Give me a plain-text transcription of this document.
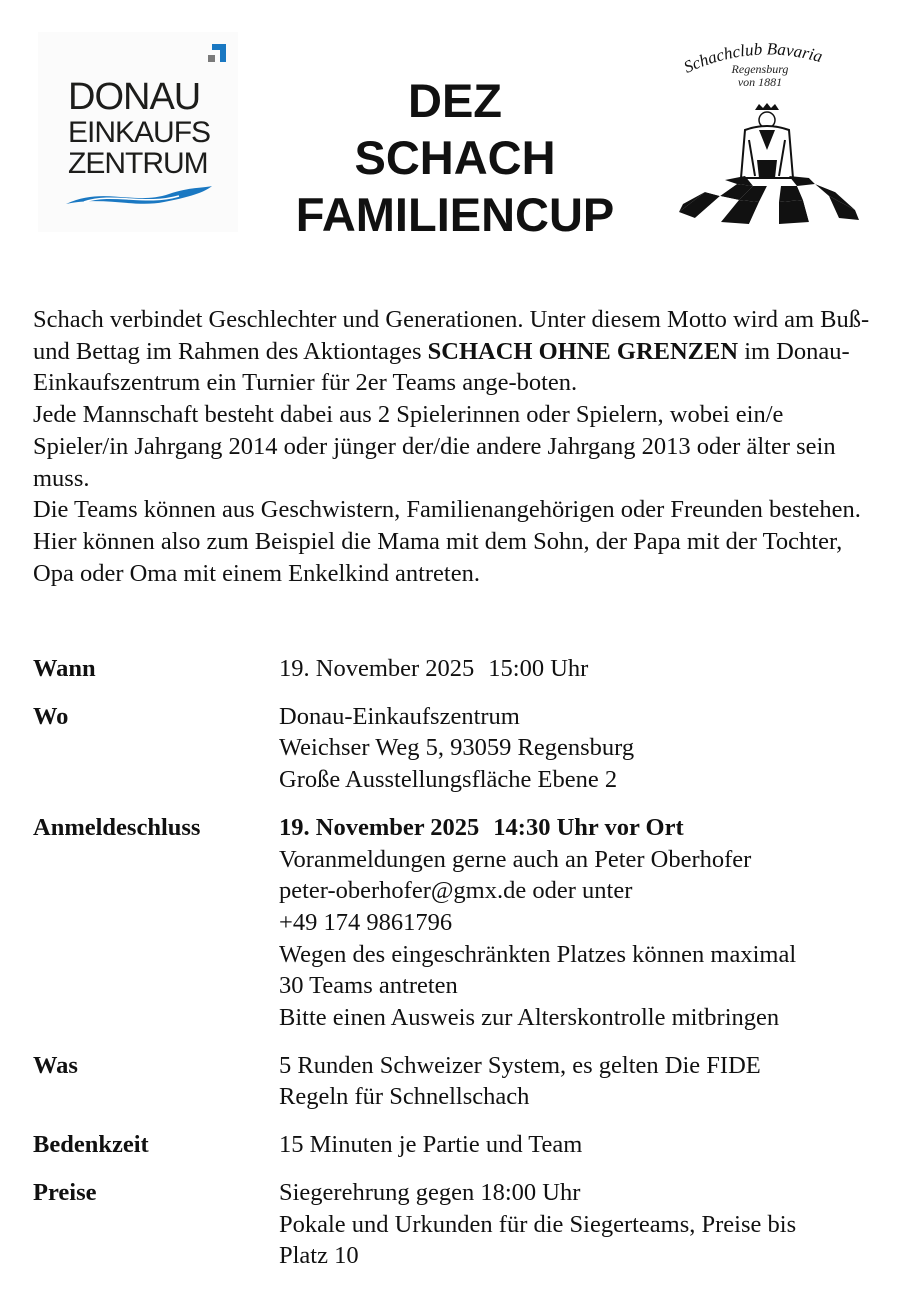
DONAU
EINKAUFS
ZENTRUM
DEZ
SCHACH
FAMILIENCUP
Schachclub Bavaria
Regensburg
von 1881

Schach verbindet Geschlechter und Generationen. Unter diesem Motto wird am Buß- und Bettag im Rahmen des Aktiontages SCHACH OHNE GRENZEN im Donau-Einkaufszentrum ein Turnier für 2er Teams ange-boten.

Jede Mannschaft besteht dabei aus 2 Spielerinnen oder Spielern, wobei ein/e Spieler/in Jahrgang 2014 oder jünger der/die andere Jahrgang 2013 oder älter sein muss.

Die Teams können aus Geschwistern, Familienangehörigen oder Freunden bestehen. Hier können also zum Beispiel die Mama mit dem Sohn, der Papa mit der Tochter, Opa oder Oma mit einem Enkelkind antreten.

Wann	19. November 2025 15:00 Uhr
Wo	Donau-Einkaufszentrum
Weichser Weg 5, 93059 Regensburg
Große Ausstellungsfläche Ebene 2
Anmeldeschluss	19. November 2025 14:30 Uhr vor Ort
Voranmeldungen gerne auch an Peter Oberhofer
peter-oberhofer@gmx.de oder unter
+49 174 9861796
Wegen des eingeschränkten Platzes können maximal
30 Teams antreten
Bitte einen Ausweis zur Alterskontrolle mitbringen
Was	5 Runden Schweizer System, es gelten Die FIDE
Regeln für Schnellschach
Bedenkzeit	15 Minuten je Partie und Team
Preise	Siegerehrung gegen 18:00 Uhr
Pokale und Urkunden für die Siegerteams, Preise bis
Platz 10
